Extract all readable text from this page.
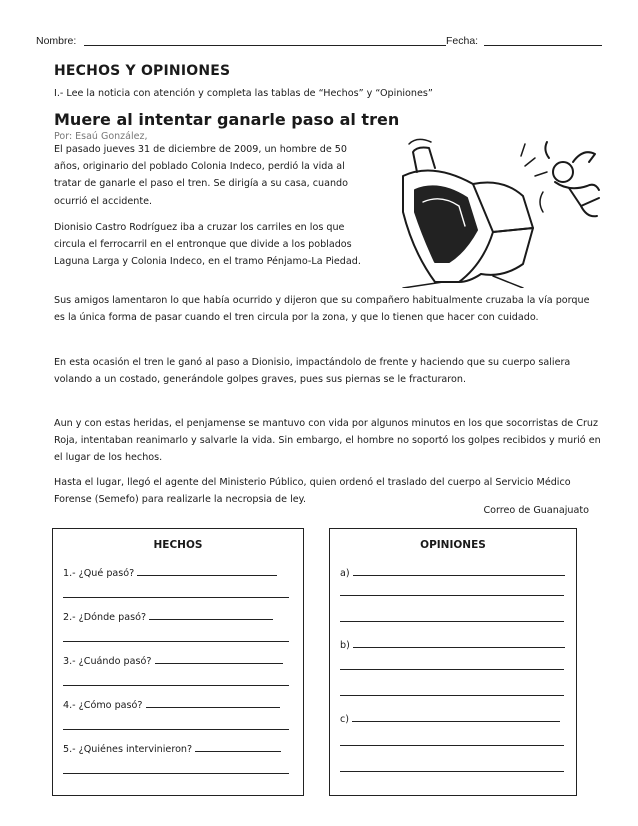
Nombre:	Fecha:
HECHOS Y OPINIONES
I.- Lee la noticia con atención y completa las tablas de “Hechos” y “Opiniones”
Muere al intentar ganarle paso al tren
Por: Esaú González,
El pasado jueves 31 de diciembre de 2009, un hombre de 50 años, originario del poblado Colonia Indeco, perdió la vida al tratar de ganarle el paso el tren. Se dirigía a su casa, cuando ocurrió el accidente.
Dionisio Castro Rodríguez iba a cruzar los carriles en los que circula el ferrocarril en el entronque que divide a los poblados Laguna Larga y Colonia Indeco, en el tramo Pénjamo-La Piedad.
Sus amigos lamentaron lo que había ocurrido y dijeron que su compañero habitualmente cruzaba la vía porque es la única forma de pasar cuando el tren circula por la zona, y que lo tienen que hacer con cuidado.
En esta ocasión el tren le ganó al paso a Dionisio, impactándolo de frente y haciendo que su cuerpo saliera volando a un costado, generándole golpes graves, pues sus piernas se le fracturaron.
Aun y con estas heridas, el penjamense se mantuvo con vida por algunos minutos en los que socorristas de Cruz Roja, intentaban reanimarlo y salvarle la vida. Sin embargo, el hombre no soportó los golpes recibidos y murió en el lugar de los hechos.
Hasta el lugar, llegó el agente del Ministerio Público, quien ordenó el traslado del cuerpo al Servicio Médico Forense (Semefo) para realizarle la necropsia de ley.
Correo de Guanajuato
HECHOS
1.- ¿Qué pasó?
2.- ¿Dónde pasó?
3.- ¿Cuándo pasó?
4.- ¿Cómo pasó?
5.- ¿Quiénes intervinieron?
OPINIONES
a)
b)
c)
